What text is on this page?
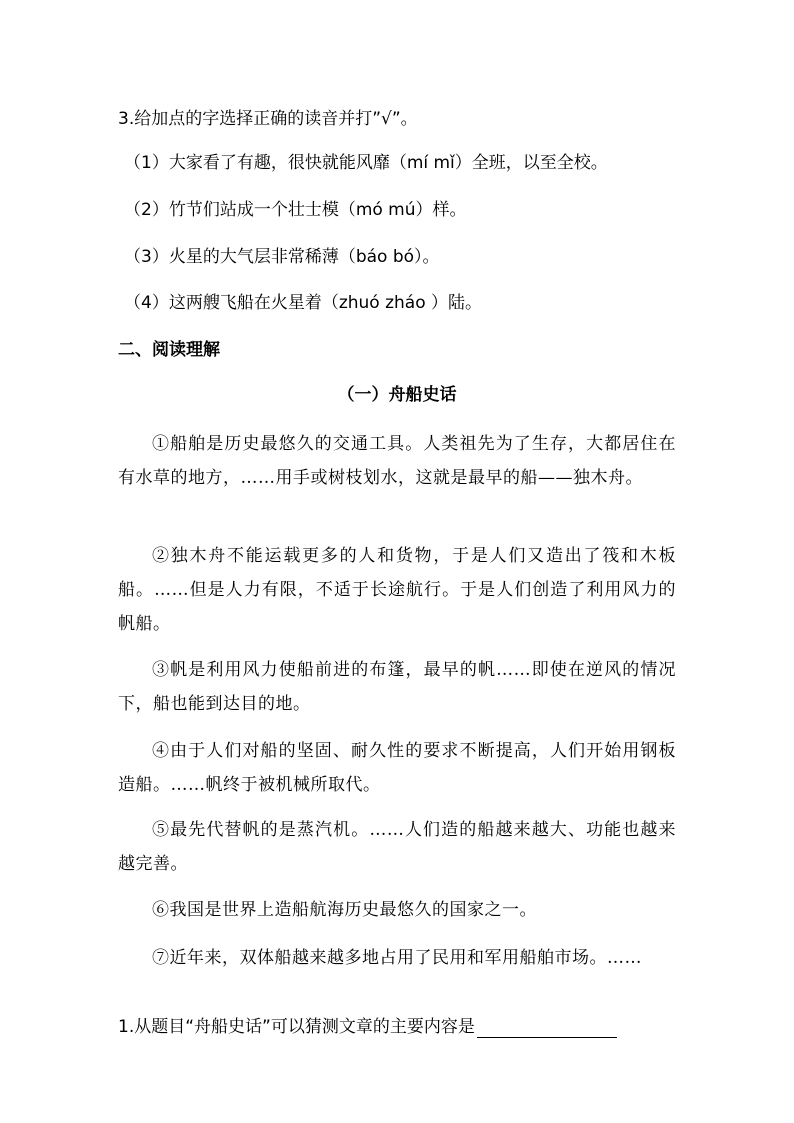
3.给加点的字选择正确的读音并打”√”。
（1）大家看了有趣，很快就能风靡（mí mǐ）全班，以至全校。
（2）竹节们站成一个壮士模（mó mú）样。
（3）火星的大气层非常稀薄（báo bó）。
（4）这两艘飞船在火星着（zhuó zháo ）陆。
二、阅读理解
（一）舟船史话

①船舶是历史最悠久的交通工具。人类祖先为了生存，大都居住在有水草的地方，……用手或树枝划水，这就是最早的船——独木舟。

②独木舟不能运载更多的人和货物，于是人们又造出了筏和木板船。……但是人力有限，不适于长途航行。于是人们创造了利用风力的帆船。

③帆是利用风力使船前进的布篷，最早的帆……即使在逆风的情况下，船也能到达目的地。

④由于人们对船的坚固、耐久性的要求不断提高，人们开始用钢板造船。……帆终于被机械所取代。

⑤最先代替帆的是蒸汽机。……人们造的船越来越大、功能也越来越完善。

⑥我国是世界上造船航海历史最悠久的国家之一。

⑦近年来，双体船越来越多地占用了民用和军用船舶市场。……

1.从题目“舟船史话”可以猜测文章的主要内容是
